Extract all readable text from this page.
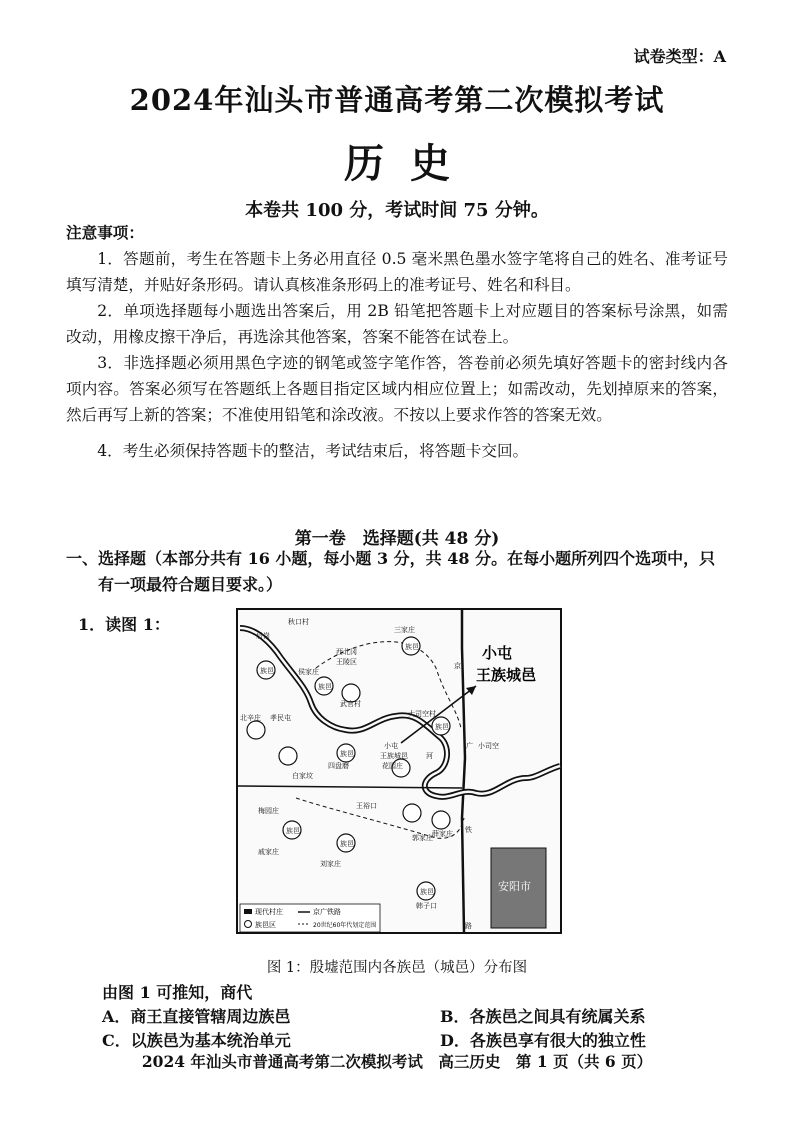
试卷类型：A
2024年汕头市普通高考第二次模拟考试
历史
本卷共 100 分，考试时间 75 分钟。
注意事项：

1．答题前，考生在答题卡上务必用直径 0.5 毫米黑色墨水签字笔将自己的姓名、准考证号填写清楚，并贴好条形码。请认真核准条形码上的准考证号、姓名和科目。

2．单项选择题每小题选出答案后，用 2B 铅笔把答题卡上对应题目的答案标号涂黑，如需改动，用橡皮擦干净后，再选涂其他答案，答案不能答在试卷上。

3．非选择题必须用黑色字迹的钢笔或签字笔作答，答卷前必须先填好答题卡的密封线内各项内容。答案必须写在答题纸上各题目指定区域内相应位置上；如需改动，先划掉原来的答案，然后再写上新的答案；不准使用铅笔和涂改液。不按以上要求作答的答案无效。

4．考生必须保持答题卡的整洁，考试结束后，将答题卡交回。

第一卷　选择题(共 48 分)
一、选择题（本部分共有 16 小题，每小题 3 分，共 48 分。在每小题所列四个选项中，只
有一项最符合题目要求。）
1．读图 1：
安阳市
小屯
王族城邑
族邑
族邑
族邑
族邑
族邑
族邑
族邑
族邑
秋口村
后岗
三家庄
西北冈
王陵区
侯家庄
武官村
北辛庄 孝民屯	大司空村
小屯
王族城邑
花园庄
四盘磨
白家坟
王裕口
梅园庄
戚家庄
刘家庄
郭家庄 薛家庄
小司空
韩子口
京
广
铁
路
河
现代村庄	京广铁路
族邑区	20世纪60年代划定范围
图 1：殷墟范围内各族邑（城邑）分布图
由图 1 可推知，商代
A．商王直接管辖周边族邑	B．各族邑之间具有统属关系
C．以族邑为基本统治单元	D．各族邑享有很大的独立性
2024 年汕头市普通高考第二次模拟考试　高三历史　第 1 页（共 6 页）
